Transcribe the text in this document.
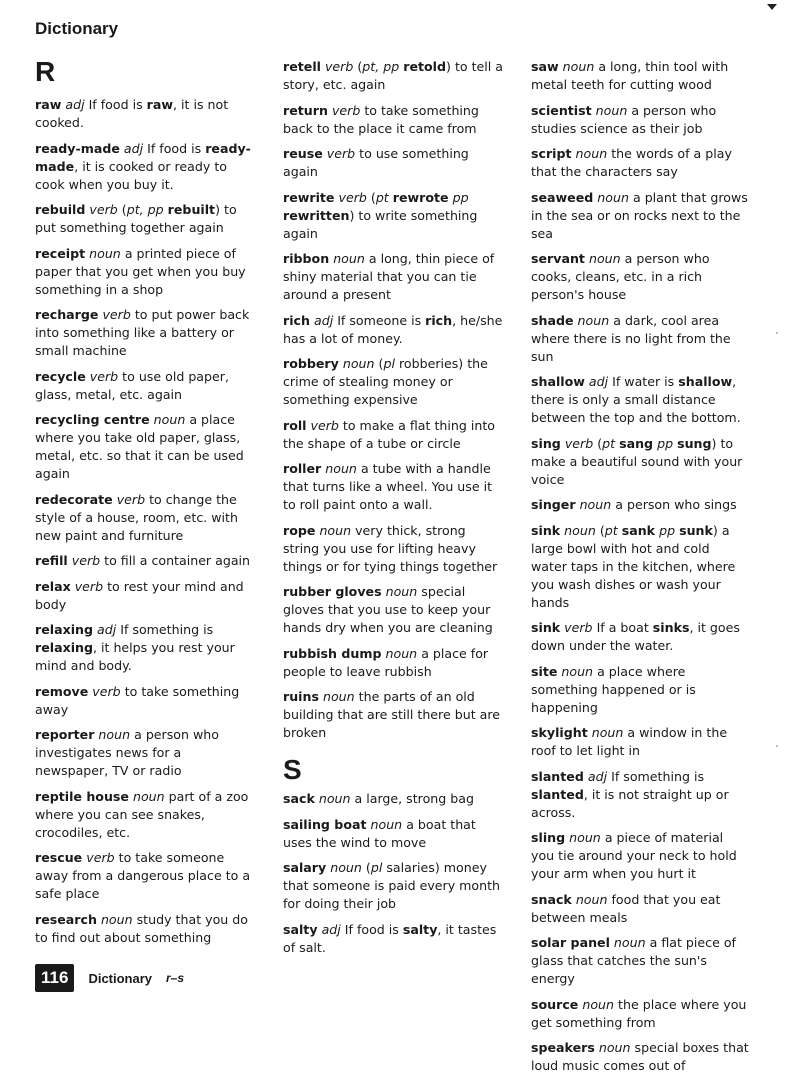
Dictionary
R

raw adj If food is raw, it is not cooked.

ready-made adj If food is ready-made, it is cooked or ready to cook when you buy it.

rebuild verb (pt, pp rebuilt) to put something together again

receipt noun a printed piece of paper that you get when you buy something in a shop

recharge verb to put power back into something like a battery or small machine

recycle verb to use old paper, glass, metal, etc. again

recycling centre noun a place where you take old paper, glass, metal, etc. so that it can be used again

redecorate verb to change the style of a house, room, etc. with new paint and furniture

refill verb to fill a container again

relax verb to rest your mind and body

relaxing adj If something is relaxing, it helps you rest your mind and body.

remove verb to take something away

reporter noun a person who investigates news for a newspaper, TV or radio

reptile house noun part of a zoo where you can see snakes, crocodiles, etc.

rescue verb to take someone away from a dangerous place to a safe place

research noun study that you do to find out about something

retell verb (pt, pp retold) to tell a story, etc. again

return verb to take something back to the place it came from

reuse verb to use something again

rewrite verb (pt rewrote pp rewritten) to write something again

ribbon noun a long, thin piece of shiny material that you can tie around a present

rich adj If someone is rich, he/she has a lot of money.

robbery noun (pl robberies) the crime of stealing money or something expensive

roll verb to make a flat thing into the shape of a tube or circle

roller noun a tube with a handle that turns like a wheel. You use it to roll paint onto a wall.

rope noun very thick, strong string you use for lifting heavy things or for tying things together

rubber gloves noun special gloves that you use to keep your hands dry when you are cleaning

rubbish dump noun a place for people to leave rubbish

ruins noun the parts of an old building that are still there but are broken

S

sack noun a large, strong bag

sailing boat noun a boat that uses the wind to move

salary noun (pl salaries) money that someone is paid every month for doing their job

salty adj If food is salty, it tastes of salt.

saw noun a long, thin tool with metal teeth for cutting wood

scientist noun a person who studies science as their job

script noun the words of a play that the characters say

seaweed noun a plant that grows in the sea or on rocks next to the sea

servant noun a person who cooks, cleans, etc. in a rich person's house

shade noun a dark, cool area where there is no light from the sun

shallow adj If water is shallow, there is only a small distance between the top and the bottom.

sing verb (pt sang pp sung) to make a beautiful sound with your voice

singer noun a person who sings

sink noun (pt sank pp sunk) a large bowl with hot and cold water taps in the kitchen, where you wash dishes or wash your hands

sink verb If a boat sinks, it goes down under the water.

site noun a place where something happened or is happening

skylight noun a window in the roof to let light in

slanted adj If something is slanted, it is not straight up or across.

sling noun a piece of material you tie around your neck to hold your arm when you hurt it

snack noun food that you eat between meals

solar panel noun a flat piece of glass that catches the sun's energy

source noun the place where you get something from

speakers noun special boxes that loud music comes out of

116	Dictionary r–s
